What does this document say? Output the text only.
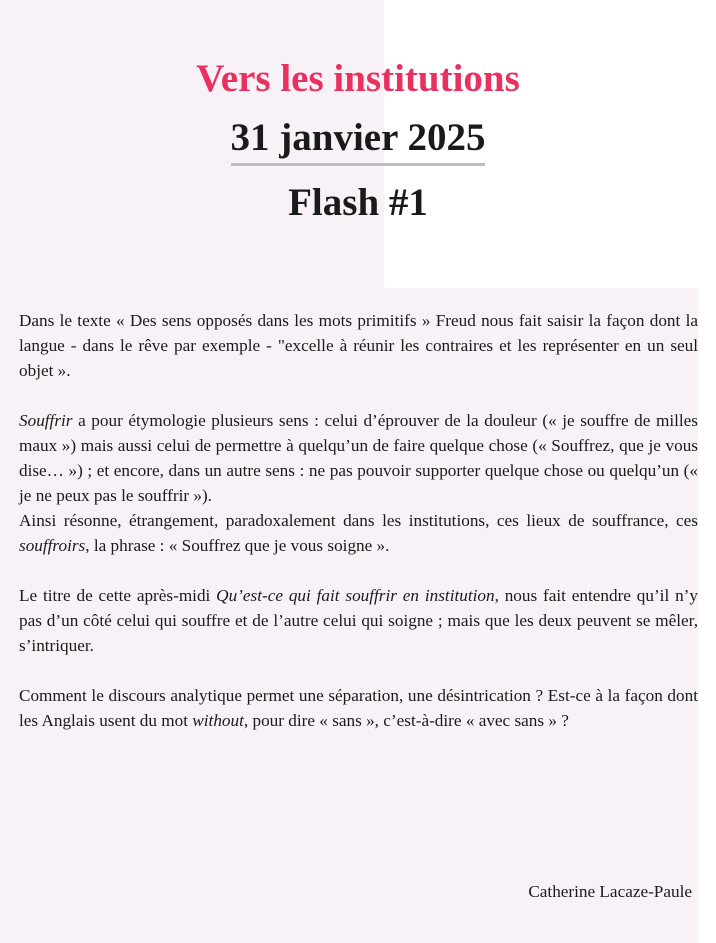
Vers les institutions
31 janvier 2025
Flash #1

Dans le texte « Des sens opposés dans les mots primitifs » Freud nous fait saisir la façon dont la langue - dans le rêve par exemple - "excelle à réunir les contraires et les représenter en un seul objet ».

Souffrir a pour étymologie plusieurs sens : celui d’éprouver de la douleur (« je souffre de milles maux ») mais aussi celui de permettre à quelqu’un de faire quelque chose (« Souffrez, que je vous dise… ») ; et encore, dans un autre sens : ne pas pouvoir supporter quelque chose ou quelqu’un (« je ne peux pas le souffrir »).

Ainsi résonne, étrangement, paradoxalement dans les institutions, ces lieux de souffrance, ces souffroirs, la phrase : « Souffrez que je vous soigne ».

Le titre de cette après-midi Qu’est-ce qui fait souffrir en institution, nous fait entendre qu’il n’y pas d’un côté celui qui souffre et de l’autre celui qui soigne ; mais que les deux peuvent se mêler, s’intriquer.

Comment le discours analytique permet une séparation, une désintrication ? Est-ce à la façon dont les Anglais usent du mot without, pour dire « sans », c’est-à-dire « avec sans » ?

Catherine Lacaze-Paule
